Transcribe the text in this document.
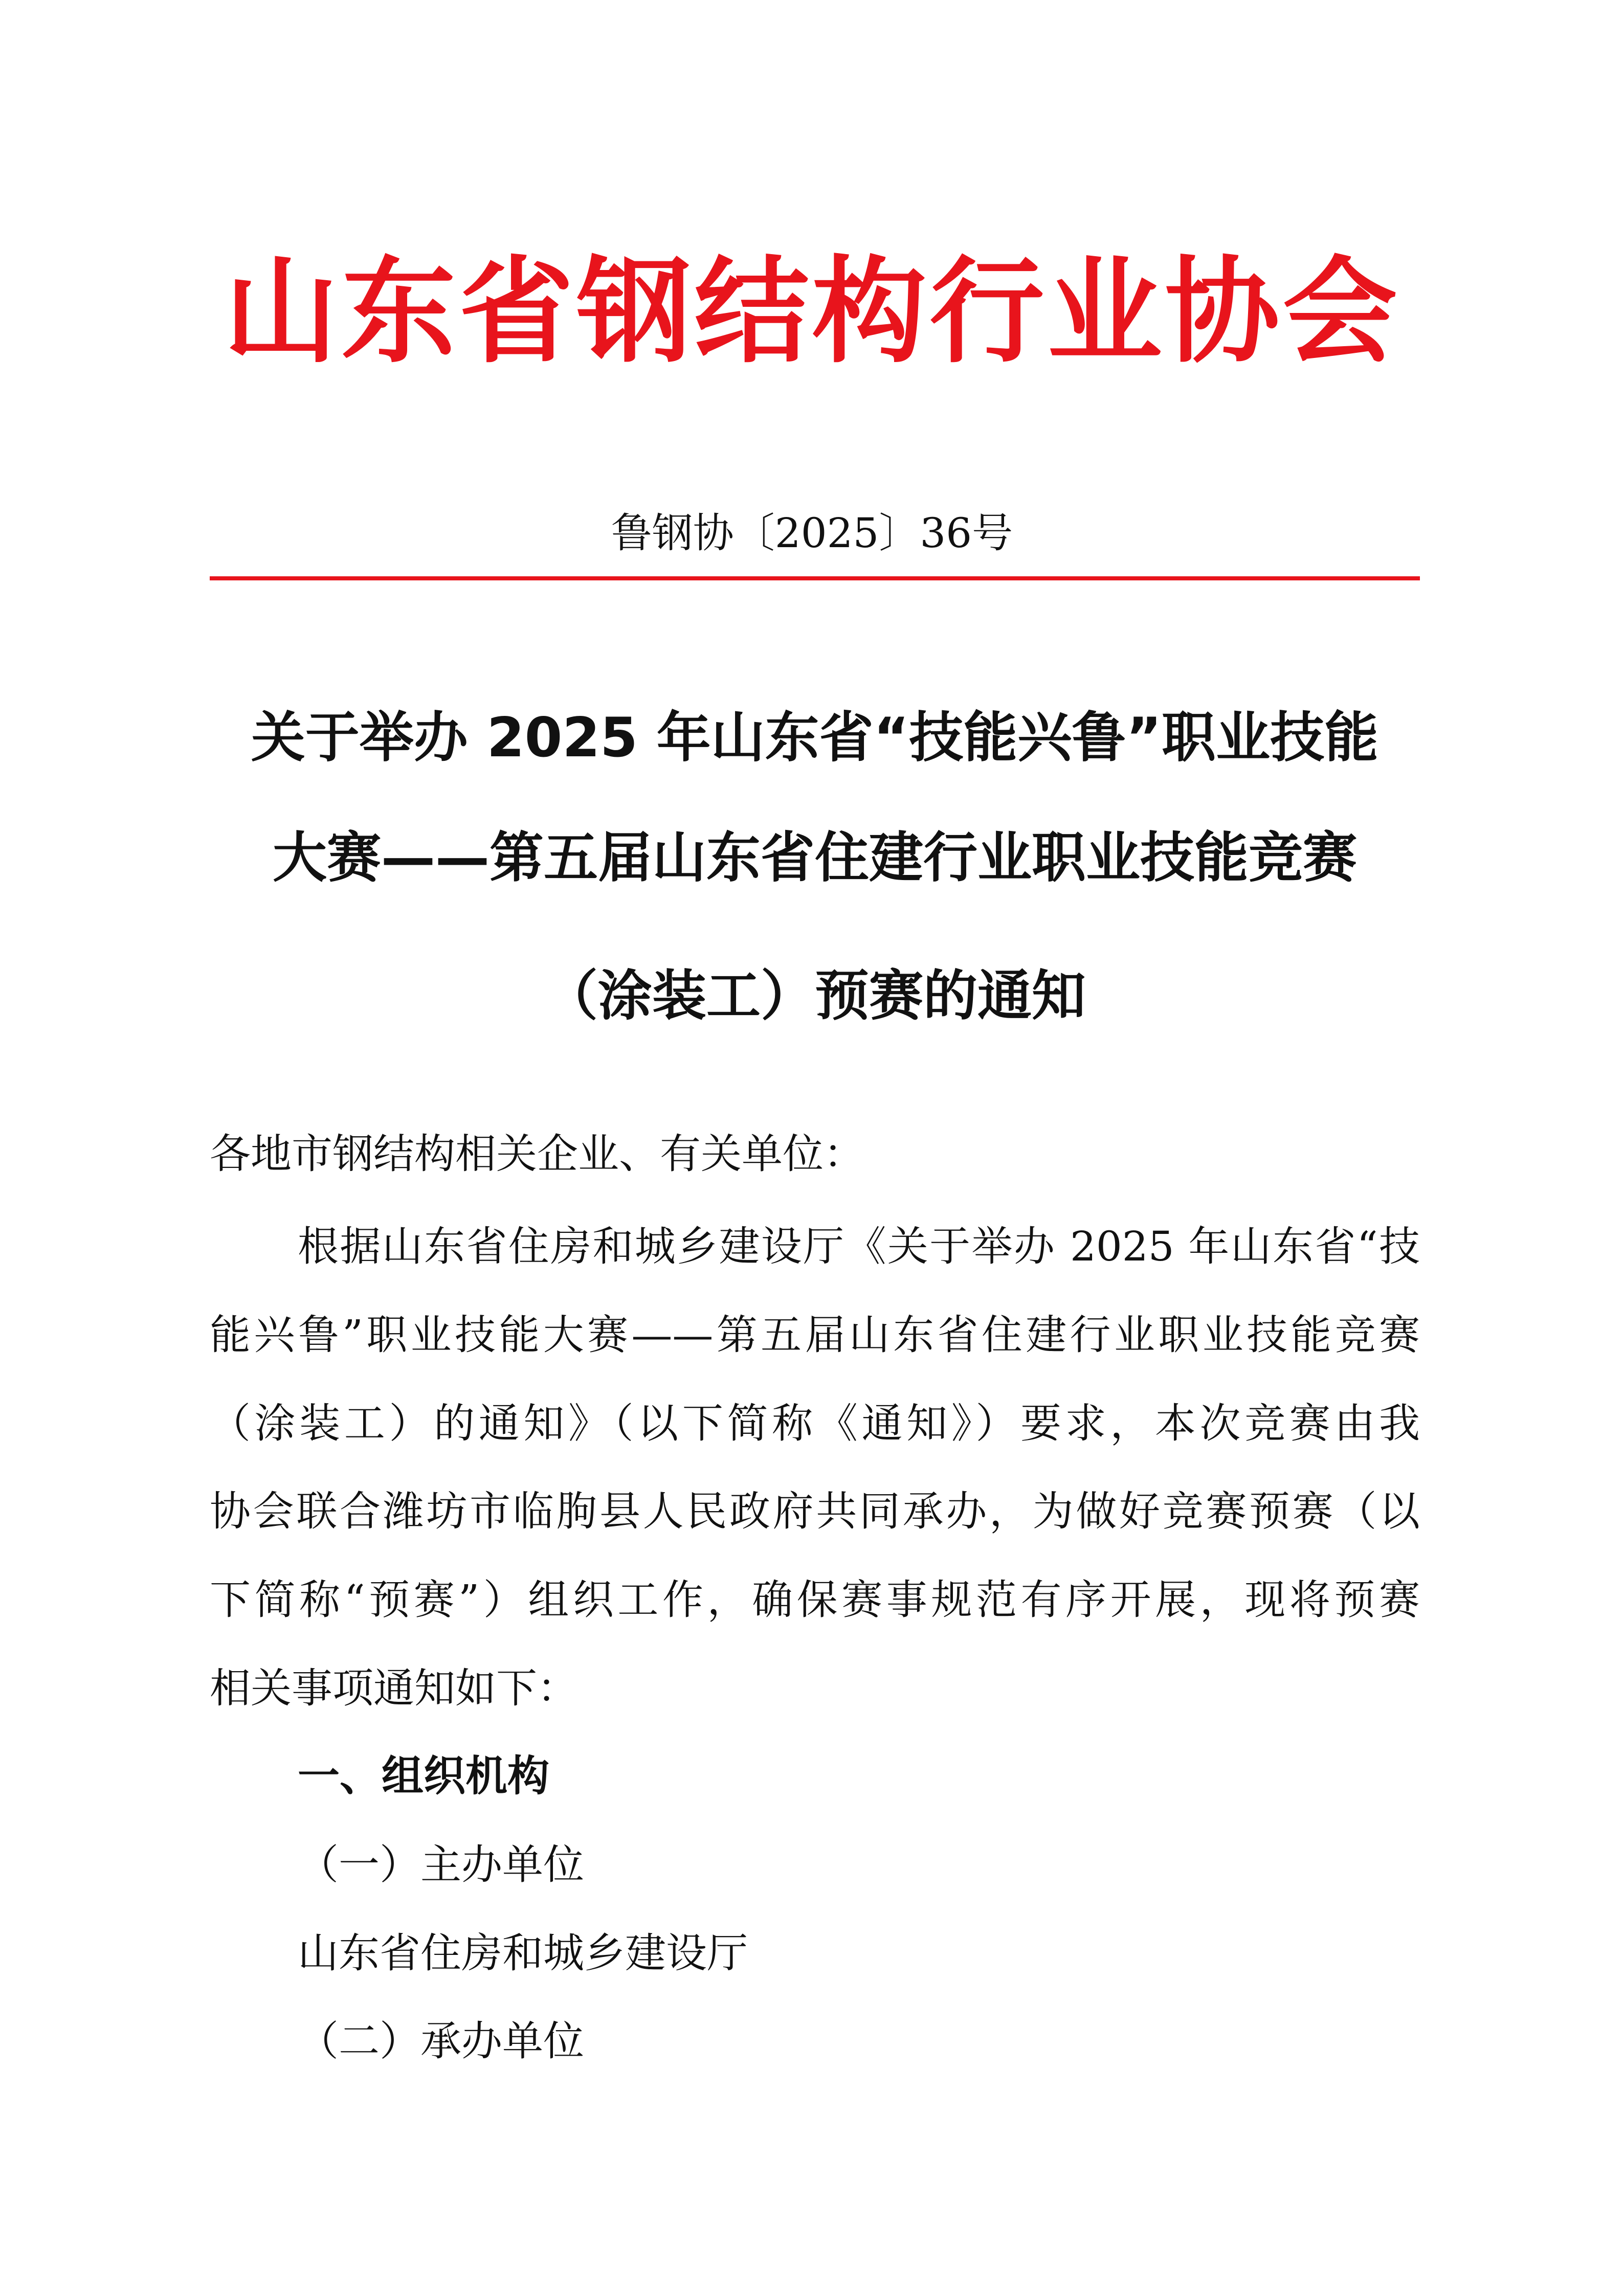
山东省钢结构行业协会
鲁钢协〔2025〕36号
关于举办 2025 年山东省“技能兴鲁”职业技能
大赛——第五届山东省住建行业职业技能竞赛
（涂装工）预赛的通知
各地市钢结构相关企业、有关单位：
根据山东省住房和城乡建设厅《关于举办 2025 年山东省“技
能兴鲁”职业技能大赛——第五届山东省住建行业职业技能竞赛
（涂装工）的通知》（以下简称《通知》）要求，本次竞赛由我
协会联合潍坊市临朐县人民政府共同承办，为做好竞赛预赛（以
下简称“预赛”）组织工作，确保赛事规范有序开展，现将预赛
相关事项通知如下：
一、组织机构
（一）主办单位
山东省住房和城乡建设厅
（二）承办单位
